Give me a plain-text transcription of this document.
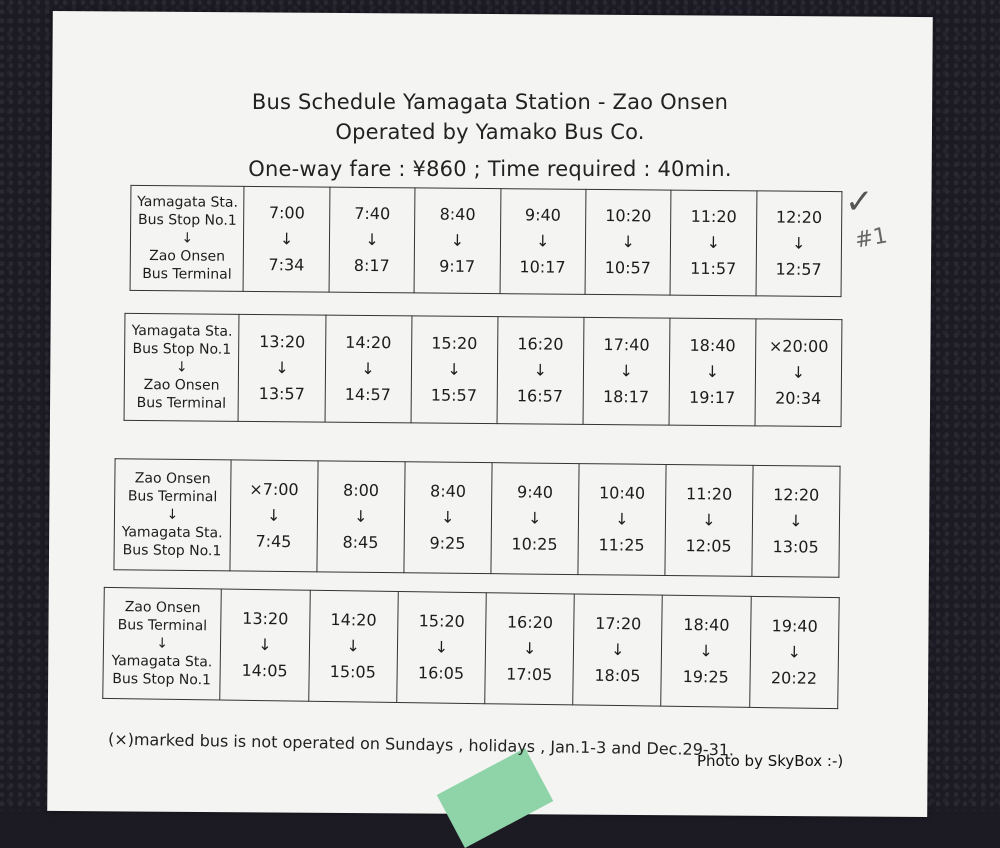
Bus Schedule Yamagata Station - Zao Onsen
Operated by Yamako Bus Co.
One-way fare : ¥860 ; Time required : 40min.
Yamagata Sta.
Bus Stop No.1
↓
Zao Onsen
Bus Terminal

7:00
↓
7:34

7:40
↓
8:17

8:40
↓
9:17

9:40
↓
10:17

10:20
↓
10:57

11:20
↓
11:57

12:20
↓
12:57
Yamagata Sta.
Bus Stop No.1
↓
Zao Onsen
Bus Terminal

13:20
↓
13:57

14:20
↓
14:57

15:20
↓
15:57

16:20
↓
16:57

17:40
↓
18:17

18:40
↓
19:17

×20:00
↓
20:34
Zao Onsen
Bus Terminal
↓
Yamagata Sta.
Bus Stop No.1

×7:00
↓
7:45

8:00
↓
8:45

8:40
↓
9:25

9:40
↓
10:25

10:40
↓
11:25

11:20
↓
12:05

12:20
↓
13:05
Zao Onsen
Bus Terminal
↓
Yamagata Sta.
Bus Stop No.1

13:20
↓
14:05

14:20
↓
15:05

15:20
↓
16:05

16:20
↓
17:05

17:20
↓
18:05

18:40
↓
19:25

19:40
↓
20:22
✓
#1
(×)marked bus is not operated on Sundays , holidays , Jan.1-3 and Dec.29-31.
Photo by SkyBox :-)
